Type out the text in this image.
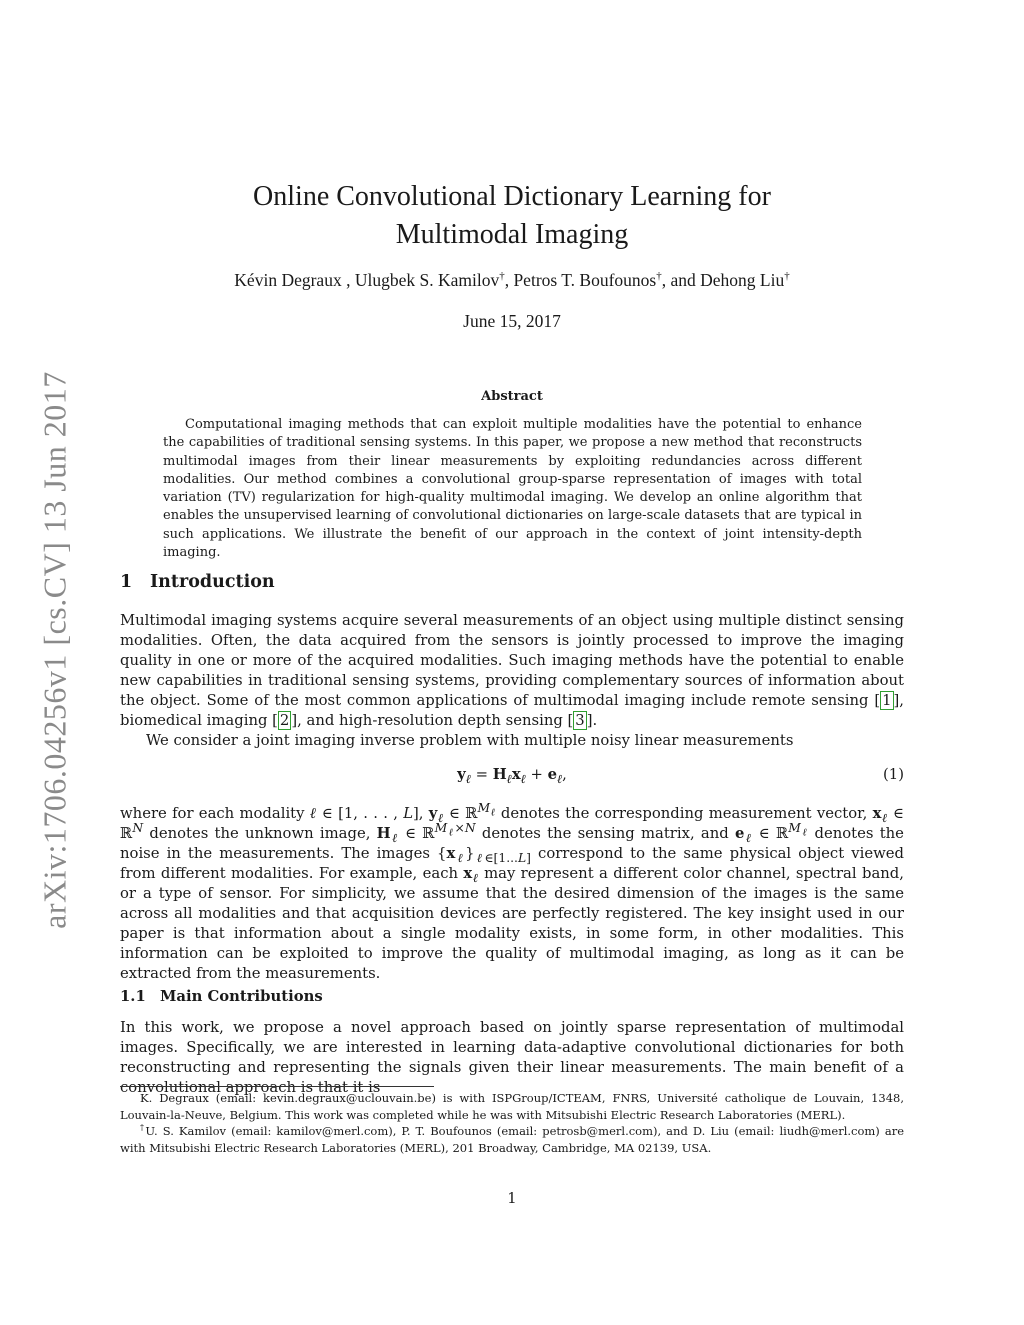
arXiv:1706.04256v1 [cs.CV] 13 Jun 2017
Online Convolutional Dictionary Learning for
Multimodal Imaging
Kévin Degraux , Ulugbek S. Kamilov†, Petros T. Boufounos†, and Dehong Liu†
June 15, 2017
Abstract
Computational imaging methods that can exploit multiple modalities have the potential to enhance the capabilities of traditional sensing systems. In this paper, we propose a new method that reconstructs multimodal images from their linear measurements by exploiting redundancies across different modalities. Our method combines a convolutional group-sparse representation of images with total variation (TV) regularization for high-quality multimodal imaging. We develop an online algorithm that enables the unsupervised learning of convolutional dictionaries on large-scale datasets that are typical in such applications. We illustrate the benefit of our approach in the context of joint intensity-depth imaging.
1 Introduction
Multimodal imaging systems acquire several measurements of an object using multiple distinct sensing modalities. Often, the data acquired from the sensors is jointly processed to improve the imaging quality in one or more of the acquired modalities. Such imaging methods have the potential to enable new capabilities in traditional sensing systems, providing complementary sources of information about the object. Some of the most common applications of multimodal imaging include remote sensing [ 1 ], biomedical imaging [ 2 ], and high-resolution depth sensing [ 3 ].
We consider a joint imaging inverse problem with multiple noisy linear measurements
$y_\ell = H_\ell x_\ell + e_\ell$,	(1)
where for each modality ℓ ∈ [1, . . . , L], $y_\ell$ ∈ ℝ$^{M_\ell}$ denotes the corresponding measurement vector, $x_\ell$ ∈ ℝ$^N$ denotes the unknown image, $H_\ell$ ∈ ℝ$^{M_\ell\times N}$ denotes the sensing matrix, and $e_\ell$ ∈ ℝ$^{M_\ell}$ denotes the noise in the measurements. The images $\{x_\ell\}_{\ell\in[1...L]}$ correspond to the same physical object viewed from different modalities. For example, each $x_\ell$ may represent a different color channel, spectral band, or a type of sensor. For simplicity, we assume that the desired dimension of the images is the same across all modalities and that acquisition devices are perfectly registered. The key insight used in our paper is that information about a single modality exists, in some form, in other modalities. This information can be exploited to improve the quality of multimodal imaging, as long as it can be extracted from the measurements.
1.1 Main Contributions
In this work, we propose a novel approach based on jointly sparse representation of multimodal images. Specifically, we are interested in learning data-adaptive convolutional dictionaries for both reconstructing and representing the signals given their linear measurements. The main benefit of a convolutional approach is that it is

K. Degraux (email: kevin.degraux@uclouvain.be) is with ISPGroup/ICTEAM, FNRS, Université catholique de Louvain, 1348, Louvain-la-Neuve, Belgium. This work was completed while he was with Mitsubishi Electric Research Laboratories (MERL).

†U. S. Kamilov (email: kamilov@merl.com), P. T. Boufounos (email: petrosb@merl.com), and D. Liu (email: liudh@merl.com) are with Mitsubishi Electric Research Laboratories (MERL), 201 Broadway, Cambridge, MA 02139, USA.

1
